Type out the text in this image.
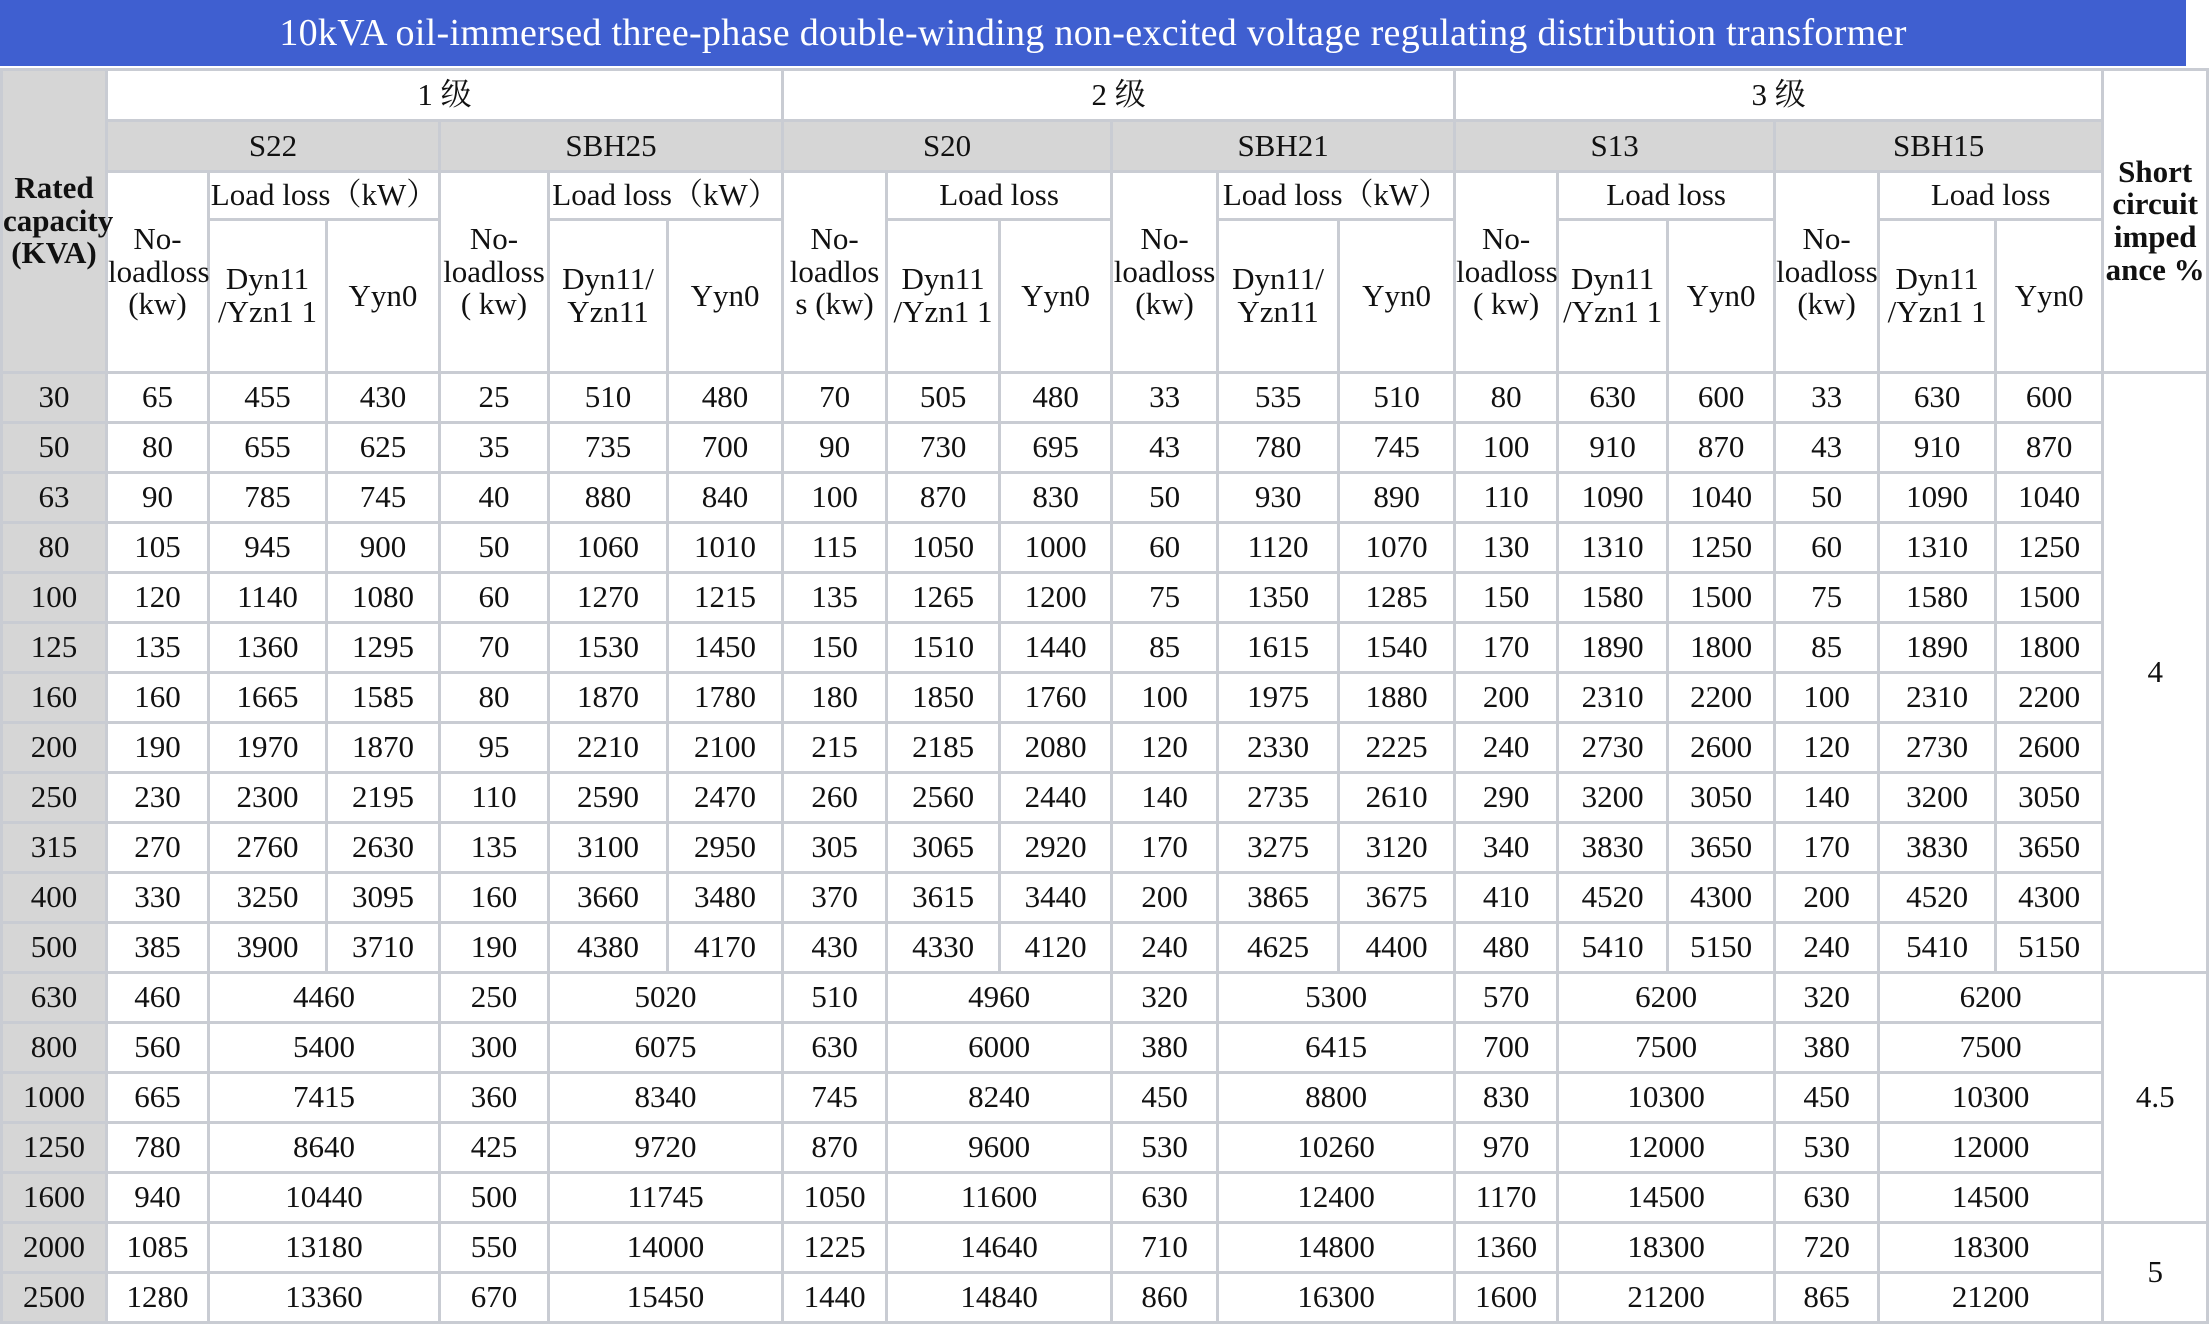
10kVA oil-immersed three-phase double-winding non-excited voltage regulating distribution transformer
Rated capacity (KVA)	1 级						2 级						3 级						Short circuit imped ance %
	S22			SBH25			S20			SBH21			S13			SBH15			
	No- loadloss (kw)	Load loss（kW）		No- loadloss ( kw)	Load loss（kW）		No- loadlos s (kw)	Load loss		No- loadloss (kw)	Load loss（kW）		No- loadloss ( kw)	Load loss		No- loadloss (kw)	Load loss		
		Dyn11 /Yzn1 1	Yyn0		Dyn11/ Yzn11	Yyn0		Dyn11 /Yzn1 1	Yyn0		Dyn11/ Yzn11	Yyn0		Dyn11 /Yzn1 1	Yyn0		Dyn11 /Yzn1 1	Yyn0	
30	65	455	430	25	510	480	70	505	480	33	535	510	80	630	600	33	630	600	4
50	80	655	625	35	735	700	90	730	695	43	780	745	100	910	870	43	910	870	
63	90	785	745	40	880	840	100	870	830	50	930	890	110	1090	1040	50	1090	1040	
80	105	945	900	50	1060	1010	115	1050	1000	60	1120	1070	130	1310	1250	60	1310	1250	
100	120	1140	1080	60	1270	1215	135	1265	1200	75	1350	1285	150	1580	1500	75	1580	1500	
125	135	1360	1295	70	1530	1450	150	1510	1440	85	1615	1540	170	1890	1800	85	1890	1800	
160	160	1665	1585	80	1870	1780	180	1850	1760	100	1975	1880	200	2310	2200	100	2310	2200	
200	190	1970	1870	95	2210	2100	215	2185	2080	120	2330	2225	240	2730	2600	120	2730	2600	
250	230	2300	2195	110	2590	2470	260	2560	2440	140	2735	2610	290	3200	3050	140	3200	3050	
315	270	2760	2630	135	3100	2950	305	3065	2920	170	3275	3120	340	3830	3650	170	3830	3650	
400	330	3250	3095	160	3660	3480	370	3615	3440	200	3865	3675	410	4520	4300	200	4520	4300	
500	385	3900	3710	190	4380	4170	430	4330	4120	240	4625	4400	480	5410	5150	240	5410	5150	
630	460	4460		250	5020		510	4960		320	5300		570	6200		320	6200		4.5
800	560	5400		300	6075		630	6000		380	6415		700	7500		380	7500		
1000	665	7415		360	8340		745	8240		450	8800		830	10300		450	10300		
1250	780	8640		425	9720		870	9600		530	10260		970	12000		530	12000		
1600	940	10440		500	11745		1050	11600		630	12400		1170	14500		630	14500		
2000	1085	13180		550	14000		1225	14640		710	14800		1360	18300		720	18300		5
2500	1280	13360		670	15450		1440	14840		860	16300		1600	21200		865	21200		
